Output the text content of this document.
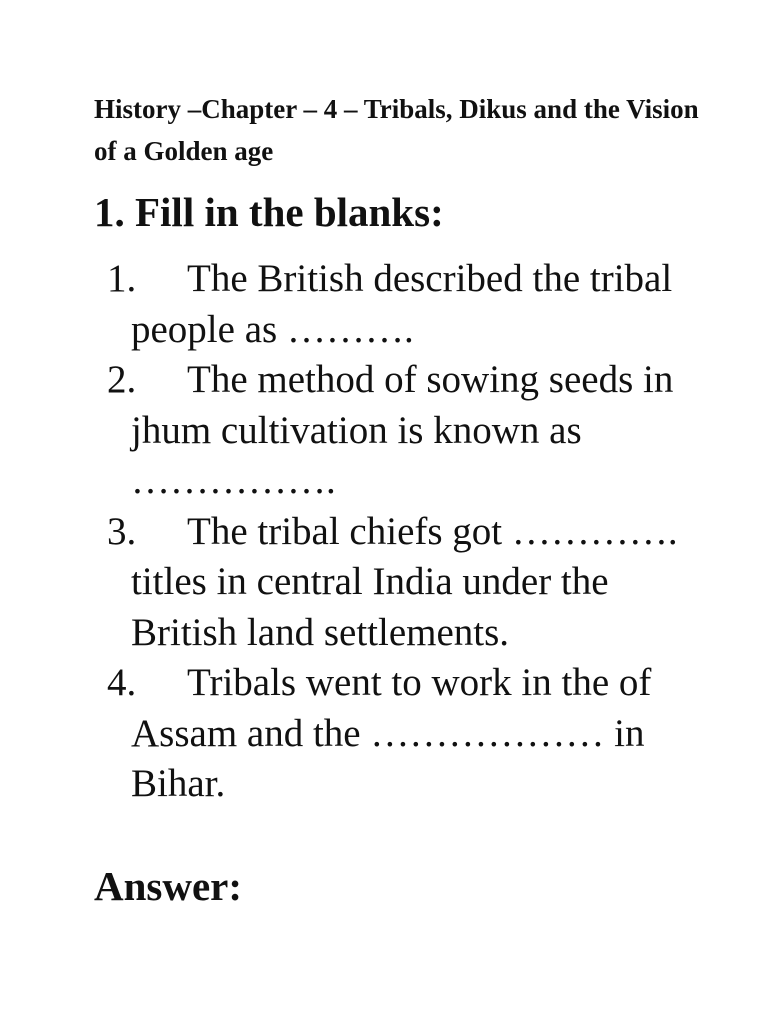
History –Chapter – 4 – Tribals, Dikus and the Vision of a Golden age
1. Fill in the blanks:
1.	The British described the tribal people as ……….
2.	The method of sowing seeds in jhum cultivation is known as …………….
3.	The tribal chiefs got …………. titles in central India under the British land settlements.
4.	Tribals went to work in the of Assam and the ……………… in Bihar.
Answer:
